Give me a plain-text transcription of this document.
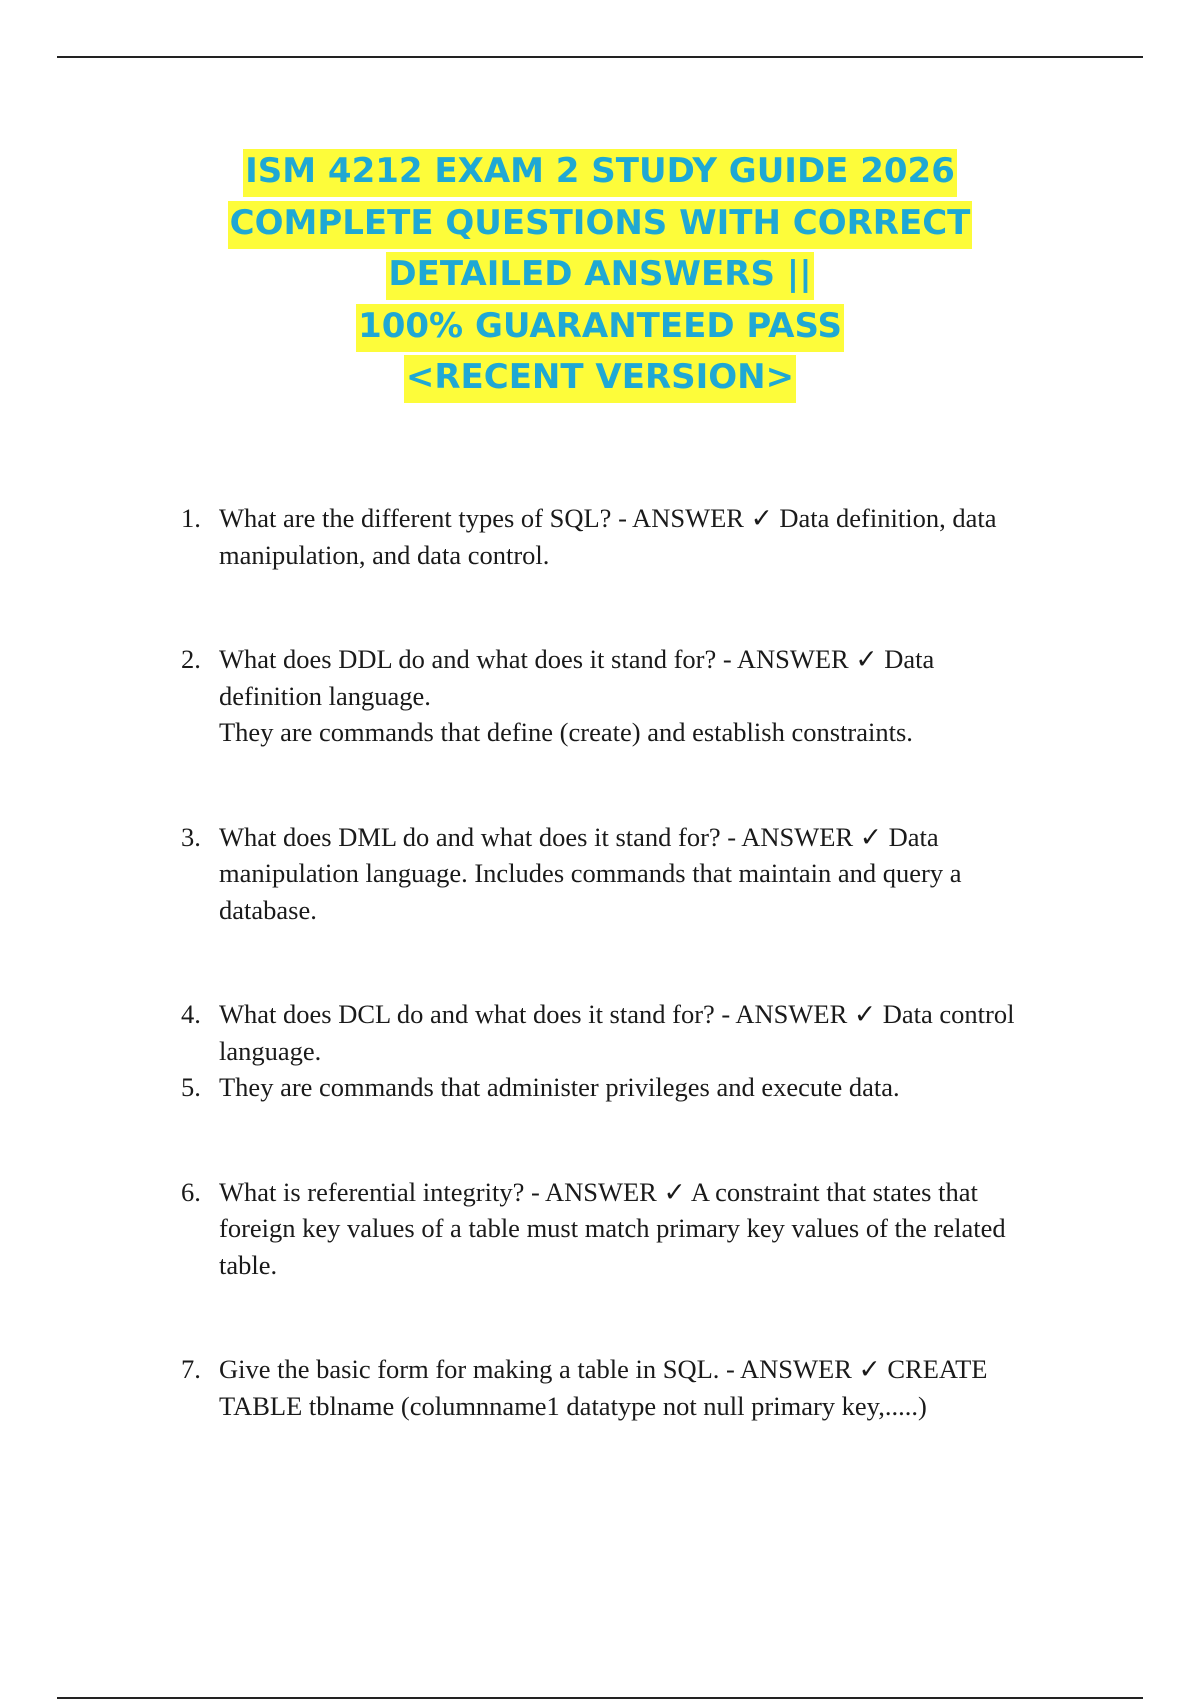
ISM 4212 EXAM 2 STUDY GUIDE 2026
COMPLETE QUESTIONS WITH CORRECT
DETAILED ANSWERS ||
100% GUARANTEED PASS
<RECENT VERSION>
1. What are the different types of SQL? - ANSWER ✓ Data definition, data
manipulation, and data control.
2. What does DDL do and what does it stand for? - ANSWER ✓ Data
definition language.
They are commands that define (create) and establish constraints.
3. What does DML do and what does it stand for? - ANSWER ✓ Data
manipulation language. Includes commands that maintain and query a
database.
4. What does DCL do and what does it stand for? - ANSWER ✓ Data control
language.
5. They are commands that administer privileges and execute data.
6. What is referential integrity? - ANSWER ✓ A constraint that states that
foreign key values of a table must match primary key values of the related
table.
7. Give the basic form for making a table in SQL. - ANSWER ✓ CREATE
TABLE tblname (columnname1 datatype not null primary key,.....)
